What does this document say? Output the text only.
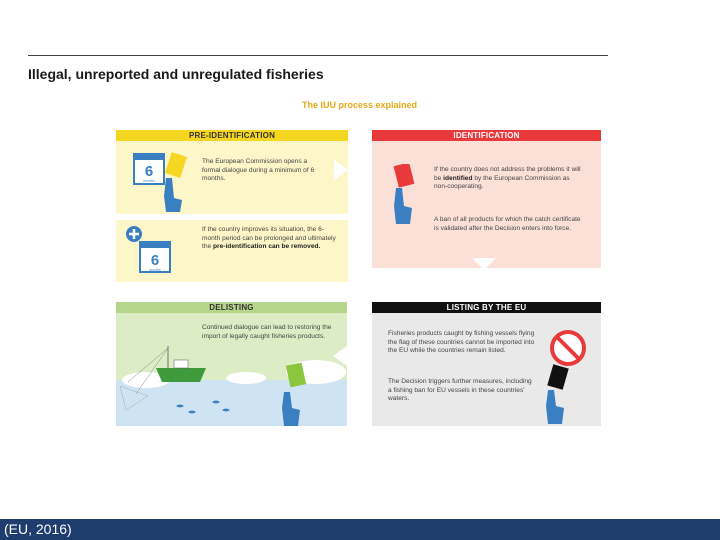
Illegal, unreported and unregulated fisheries
The IUU process explained
PRE-IDENTIFICATION
6
months
The European Commission opens a formal dialogue during a minimum of 6 months.
6
months
If the country improves its situation, the 6-month period can be prolonged and ultimately the pre-identification can be removed.
IDENTIFICATION
If the country does not address the problems it will be identified by the European Commission as non-cooperating.
A ban of all products for which the catch certificate is validated after the Decision enters into force.
DELISTING
Continued dialogue can lead to restoring the import of legally caught fisheries products.
LISTING BY THE EU
Fisheries products caught by fishing vessels flying the flag of these countries cannot be imported into the EU while the countries remain listed.
The Decision triggers further measures, including a fishing ban for EU vessels in these countries' waters.
(EU, 2016)
